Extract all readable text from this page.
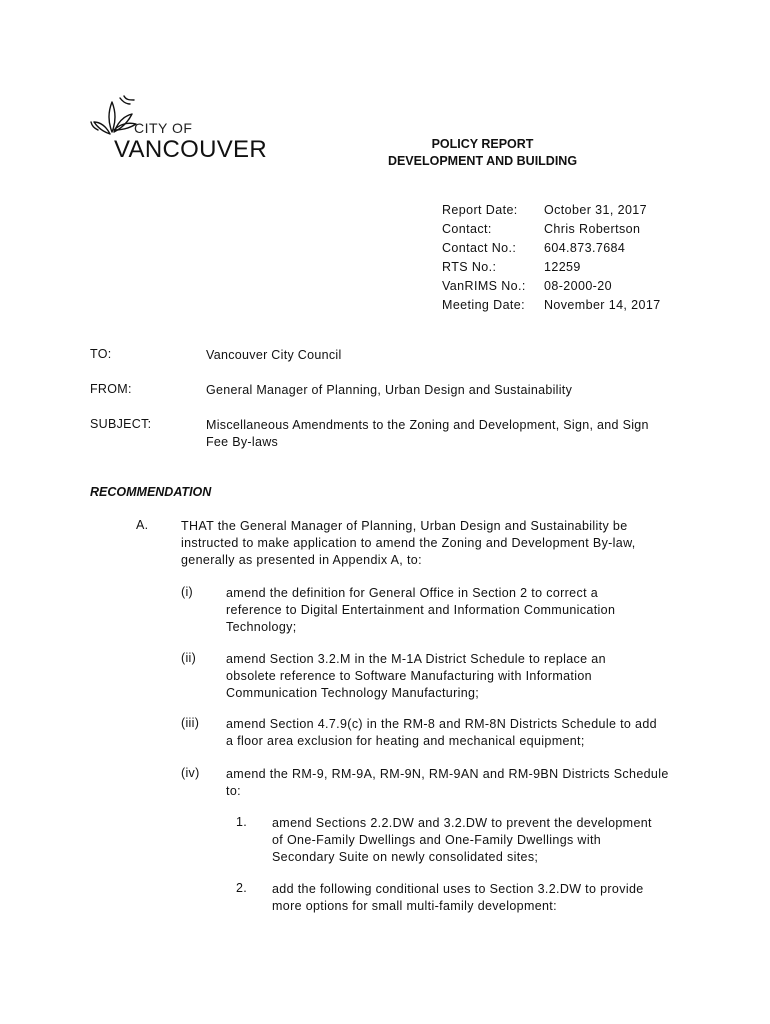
CITY OF
VANCOUVER	POLICY REPORT
DEVELOPMENT AND BUILDING
Report Date:	October 31, 2017
Contact:	Chris Robertson
Contact No.:	604.873.7684
RTS No.:	12259
VanRIMS No.:	08-2000-20
Meeting Date:	November 14, 2017
TO:	Vancouver City Council
FROM:	General Manager of Planning, Urban Design and Sustainability
SUBJECT:	Miscellaneous Amendments to the Zoning and Development, Sign, and Sign
Fee By-laws
RECOMMENDATION
A.	THAT the General Manager of Planning, Urban Design and Sustainability be
instructed to make application to amend the Zoning and Development By-law,
generally as presented in Appendix A, to:
(i)	amend the definition for General Office in Section 2 to correct a
reference to Digital Entertainment and Information Communication
Technology;
(ii) amend Section 3.2.M in the M-1A District Schedule to replace an
obsolete reference to Software Manufacturing with Information
Communication Technology Manufacturing;
(iii) amend Section 4.7.9(c) in the RM-8 and RM-8N Districts Schedule to add
a floor area exclusion for heating and mechanical equipment;
(iv) amend the RM-9, RM-9A, RM-9N, RM-9AN and RM-9BN Districts Schedule
to:
1. amend Sections 2.2.DW and 3.2.DW to prevent the development
of One-Family Dwellings and One-Family Dwellings with
Secondary Suite on newly consolidated sites;
2. add the following conditional uses to Section 3.2.DW to provide
more options for small multi-family development:
